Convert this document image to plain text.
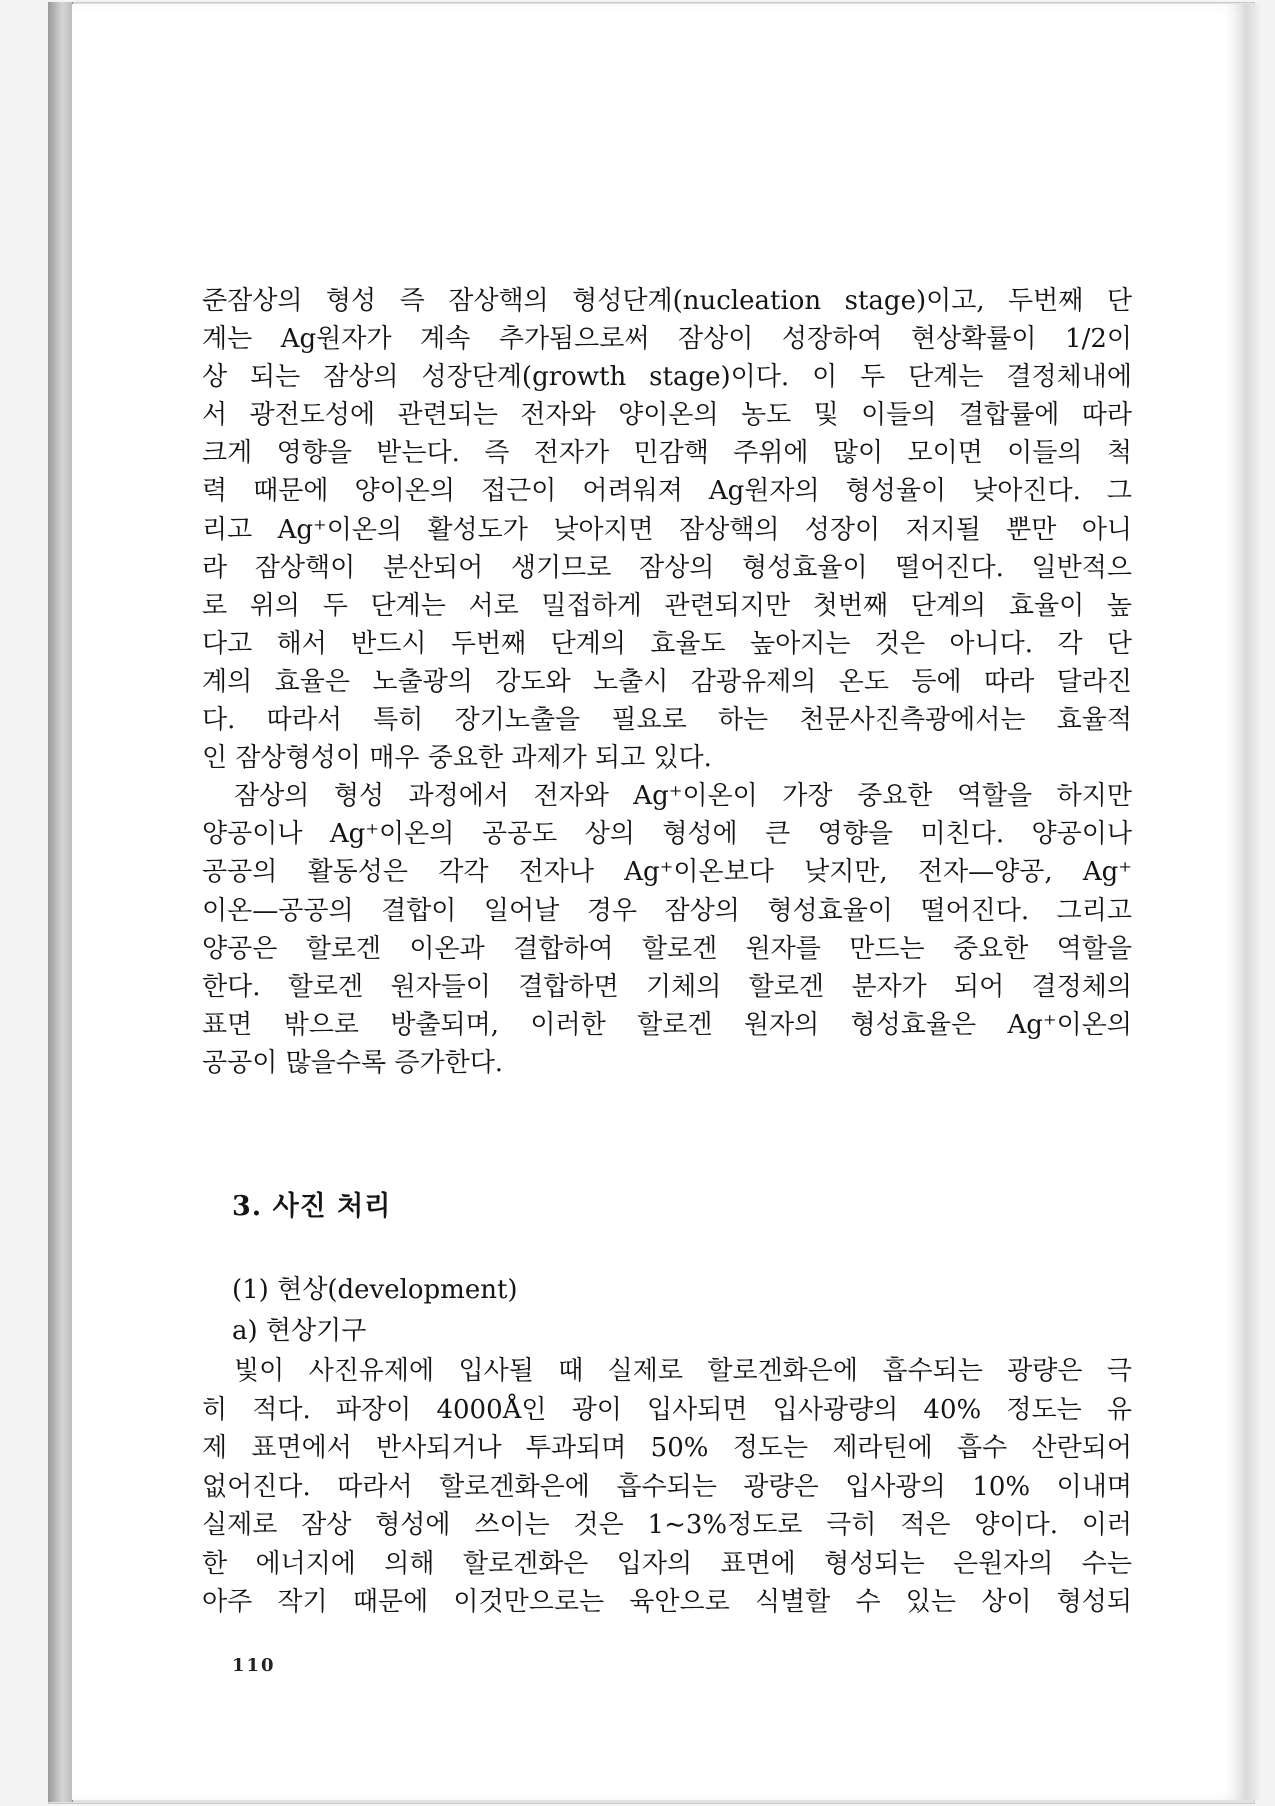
준잠상의 형성 즉 잠상핵의 형성단계(nucleation stage)이고, 두번째 단
계는 Ag원자가 계속 추가됨으로써 잠상이 성장하여 현상확률이 1/2이
상 되는 잠상의 성장단계(growth stage)이다. 이 두 단계는 결정체내에
서 광전도성에 관련되는 전자와 양이온의 농도 및 이들의 결합률에 따라
크게 영향을 받는다. 즉 전자가 민감핵 주위에 많이 모이면 이들의 척
력 때문에 양이온의 접근이 어려워져 Ag원자의 형성율이 낮아진다. 그
리고 Ag⁺이온의 활성도가 낮아지면 잠상핵의 성장이 저지될 뿐만 아니
라 잠상핵이 분산되어 생기므로 잠상의 형성효율이 떨어진다. 일반적으
로 위의 두 단계는 서로 밀접하게 관련되지만 첫번째 단계의 효율이 높
다고 해서 반드시 두번째 단계의 효율도 높아지는 것은 아니다. 각 단
계의 효율은 노출광의 강도와 노출시 감광유제의 온도 등에 따라 달라진
다. 따라서 특히 장기노출을 필요로 하는 천문사진측광에서는 효율적
인 잠상형성이 매우 중요한 과제가 되고 있다.
잠상의 형성 과정에서 전자와 Ag⁺이온이 가장 중요한 역할을 하지만
양공이나 Ag⁺이온의 공공도 상의 형성에 큰 영향을 미친다. 양공이나
공공의 활동성은 각각 전자나 Ag⁺이온보다 낮지만, 전자—양공, Ag⁺
이온—공공의 결합이 일어날 경우 잠상의 형성효율이 떨어진다. 그리고
양공은 할로겐 이온과 결합하여 할로겐 원자를 만드는 중요한 역할을
한다. 할로겐 원자들이 결합하면 기체의 할로겐 분자가 되어 결정체의
표면 밖으로 방출되며, 이러한 할로겐 원자의 형성효율은 Ag⁺이온의
공공이 많을수록 증가한다.
3. 사진 처리
(1) 현상(development)
a) 현상기구
빛이 사진유제에 입사될 때 실제로 할로겐화은에 흡수되는 광량은 극
히 적다. 파장이 4000Å인 광이 입사되면 입사광량의 40% 정도는 유
제 표면에서 반사되거나 투과되며 50% 정도는 제라틴에 흡수 산란되어
없어진다. 따라서 할로겐화은에 흡수되는 광량은 입사광의 10% 이내며
실제로 잠상 형성에 쓰이는 것은 1∼3%정도로 극히 적은 양이다. 이러
한 에너지에 의해 할로겐화은 입자의 표면에 형성되는 은원자의 수는
아주 작기 때문에 이것만으로는 육안으로 식별할 수 있는 상이 형성되
110
